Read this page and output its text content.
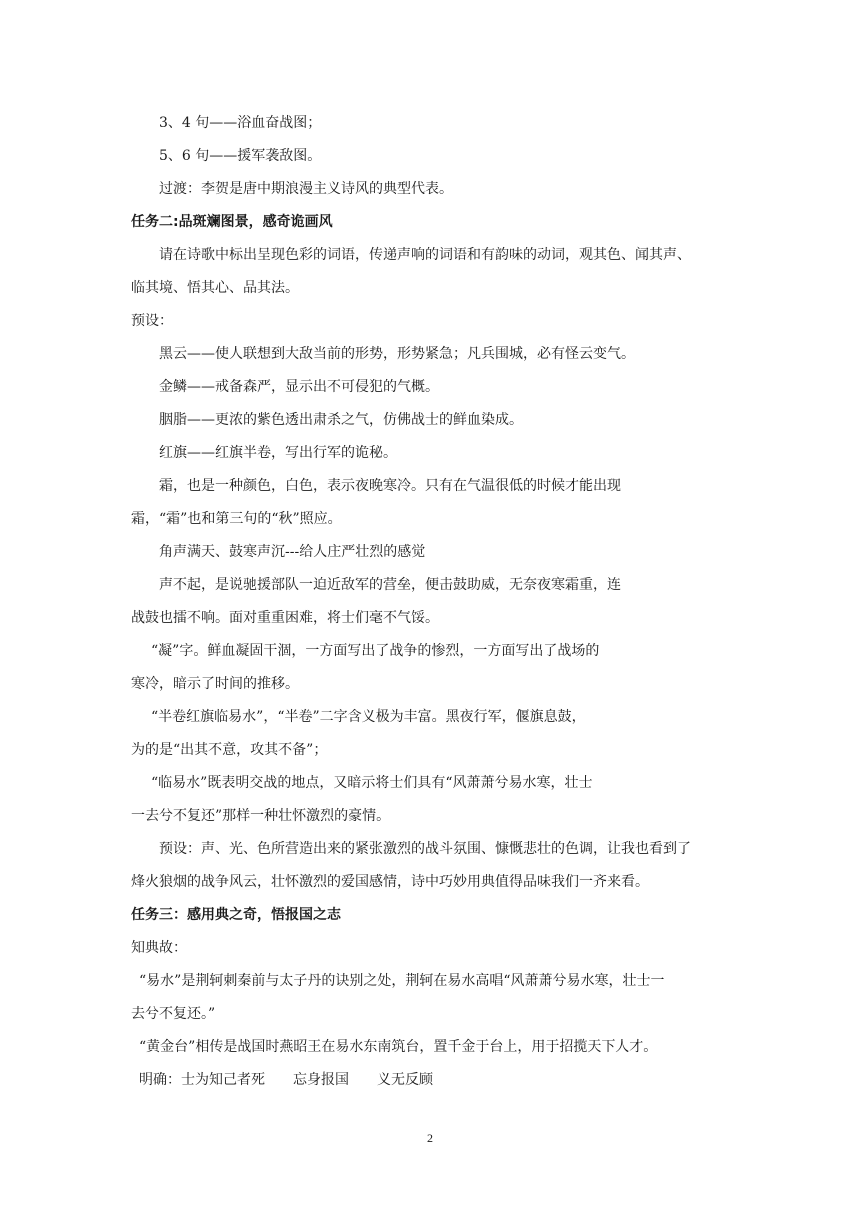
3、4 句——浴血奋战图；

5、6 句——援军袭敌图。

过渡：李贺是唐中期浪漫主义诗风的典型代表。

任务二:品斑斓图景，感奇诡画风

请在诗歌中标出呈现色彩的词语，传递声响的词语和有韵味的动词，观其色、闻其声、

临其境、悟其心、品其法。

预设：

黑云——使人联想到大敌当前的形势，形势紧急；凡兵围城，必有怪云变气。

金鳞——戒备森严，显示出不可侵犯的气概。

胭脂——更浓的紫色透出肃杀之气，仿佛战士的鲜血染成。

红旗——红旗半卷，写出行军的诡秘。

霜，也是一种颜色，白色，表示夜晚寒冷。只有在气温很低的时候才能出现

霜，“霜”也和第三句的“秋”照应。

角声满天、鼓寒声沉---给人庄严壮烈的感觉

声不起，是说驰援部队一迫近敌军的营垒，便击鼓助威，无奈夜寒霜重，连

战鼓也擂不响。面对重重困难，将士们毫不气馁。

“凝”字。鲜血凝固干涸，一方面写出了战争的惨烈，一方面写出了战场的

寒冷，暗示了时间的推移。

“半卷红旗临易水”，“半卷”二字含义极为丰富。黑夜行军，偃旗息鼓，

为的是“出其不意，攻其不备”；

“临易水”既表明交战的地点，又暗示将士们具有“风萧萧兮易水寒，壮士

一去兮不复还”那样一种壮怀激烈的豪情。

预设：声、光、色所营造出来的紧张激烈的战斗氛围、慷慨悲壮的色调，让我也看到了

烽火狼烟的战争风云，壮怀激烈的爱国感情，诗中巧妙用典值得品味我们一齐来看。

任务三：感用典之奇，悟报国之志

知典故：

“易水”是荆轲刺秦前与太子丹的诀别之处，荆轲在易水高唱“风萧萧兮易水寒，壮士一

去兮不复还。”

“黄金台”相传是战国时燕昭王在易水东南筑台，置千金于台上，用于招揽天下人才。

明确：士为知己者死　　忘身报国　　义无反顾

2
